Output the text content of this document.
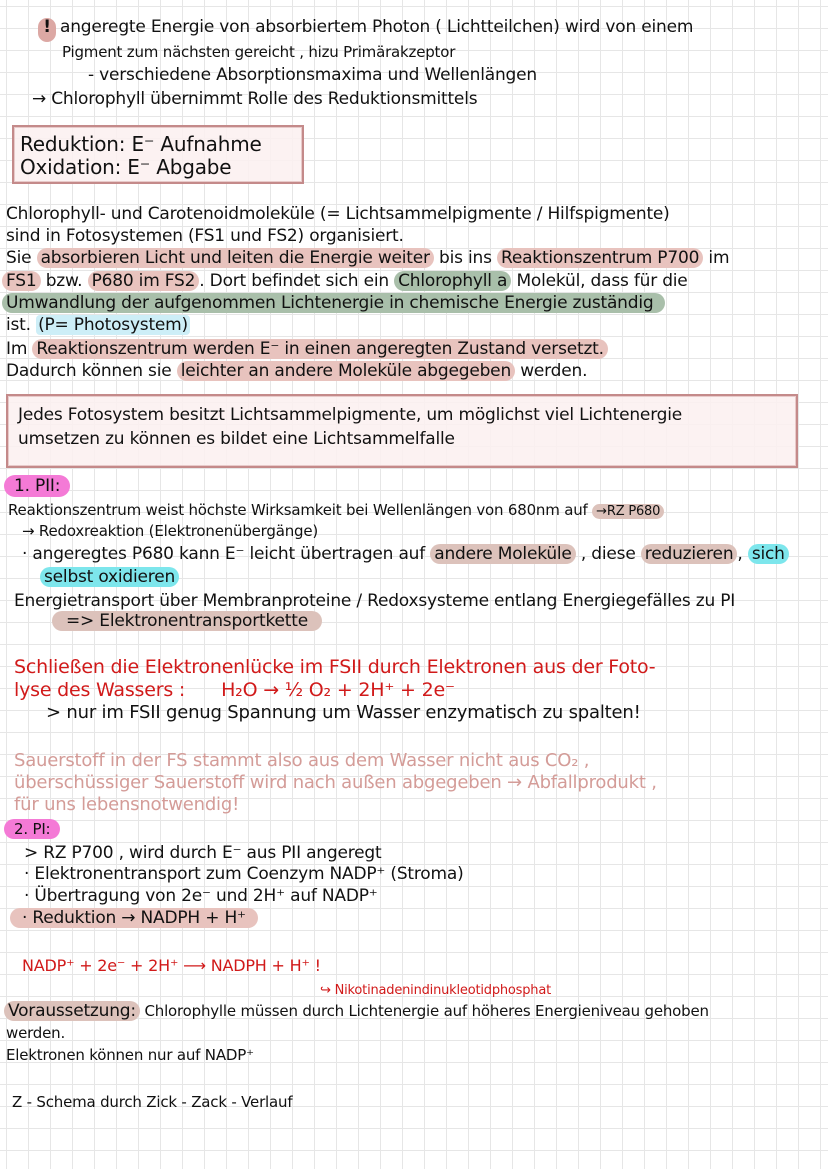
! angeregte Energie von absorbiertem Photon ( Lichtteilchen) wird von einem
Pigment zum nächsten gereicht , hizu Primärakzeptor
- verschiedene Absorptionsmaxima und Wellenlängen
→ Chlorophyll übernimmt Rolle des Reduktionsmittels
Reduktion: E⁻ Aufnahme
Oxidation: E⁻ Abgabe
Chlorophyll- und Carotenoidmoleküle (= Lichtsammelpigmente / Hilfspigmente)
sind in Fotosystemen (FS1 und FS2) organisiert.
Sie absorbieren Licht und leiten die Energie weiter bis ins Reaktionszentrum P700 im
FS1 bzw. P680 im FS2 . Dort befindet sich ein Chlorophyll a Molekül, dass für die
Umwandlung der aufgenommen Lichtenergie in chemische Energie zuständig
ist. (P= Photosystem)
Im Reaktionszentrum werden E⁻ in einen angeregten Zustand versetzt.
Dadurch können sie leichter an andere Moleküle abgegeben werden.
Jedes Fotosystem besitzt Lichtsammelpigmente, um möglichst viel Lichtenergie
umsetzen zu können es bildet eine Lichtsammelfalle
1. PII:
Reaktionszentrum weist höchste Wirksamkeit bei Wellenlängen von 680nm auf →RZ P680
→ Redoxreaktion (Elektronenübergänge)
· angeregtes P680 kann E⁻ leicht übertragen auf andere Moleküle , diese reduzieren , sich
selbst oxidieren
Energietransport über Membranproteine / Redoxsysteme entlang Energiegefälles zu PI
=> Elektronentransportkette
Schließen die Elektronenlücke im FSII durch Elektronen aus der Foto-
lyse des Wassers : H₂O → ½ O₂ + 2H⁺ + 2e⁻
> nur im FSII genug Spannung um Wasser enzymatisch zu spalten!
Sauerstoff in der FS stammt also aus dem Wasser nicht aus CO₂ ,
überschüssiger Sauerstoff wird nach außen abgegeben → Abfallprodukt ,
für uns lebensnotwendig!
2. PI:
> RZ P700 , wird durch E⁻ aus PII angeregt
· Elektronentransport zum Coenzym NADP⁺ (Stroma)
· Übertragung von 2e⁻ und 2H⁺ auf NADP⁺
· Reduktion → NADPH + H⁺
NADP⁺ + 2e⁻ + 2H⁺ ⟶ NADPH + H⁺ !
↪ Nikotinadenindinukleotidphosphat
Voraussetzung: Chlorophylle müssen durch Lichtenergie auf höheres Energieniveau gehoben
werden.
Elektronen können nur auf NADP⁺
Z - Schema durch Zick - Zack - Verlauf
